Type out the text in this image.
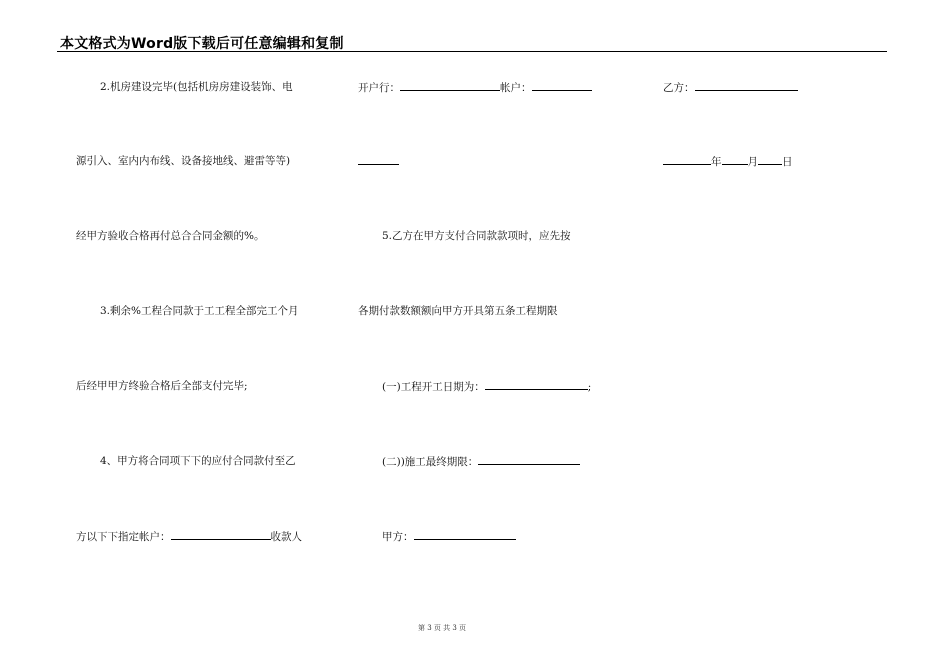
本文格式为Word版下载后可任意编辑和复制
2.机房建设完毕(包括机房房建设装饰、电
源引入、室内内布线、设备接地线、避雷等等)
经甲方验收合格再付总合合同金额的%。
3.剩余%工程合同款于工工程全部完工个月
后经甲甲方终验合格后全部支付完毕;
4、甲方将合同项下下的应付合同款付至乙
方以下下指定帐户：	收款人
开户行：	帐户：
5.乙方在甲方支付合同款款项时，应先按
各期付款数额额向甲方开具第五条工程期限
(一)工程开工日期为：	;
(二))施工最终期限：
甲方：
乙方：
年 月 日
第 3 页 共 3 页
